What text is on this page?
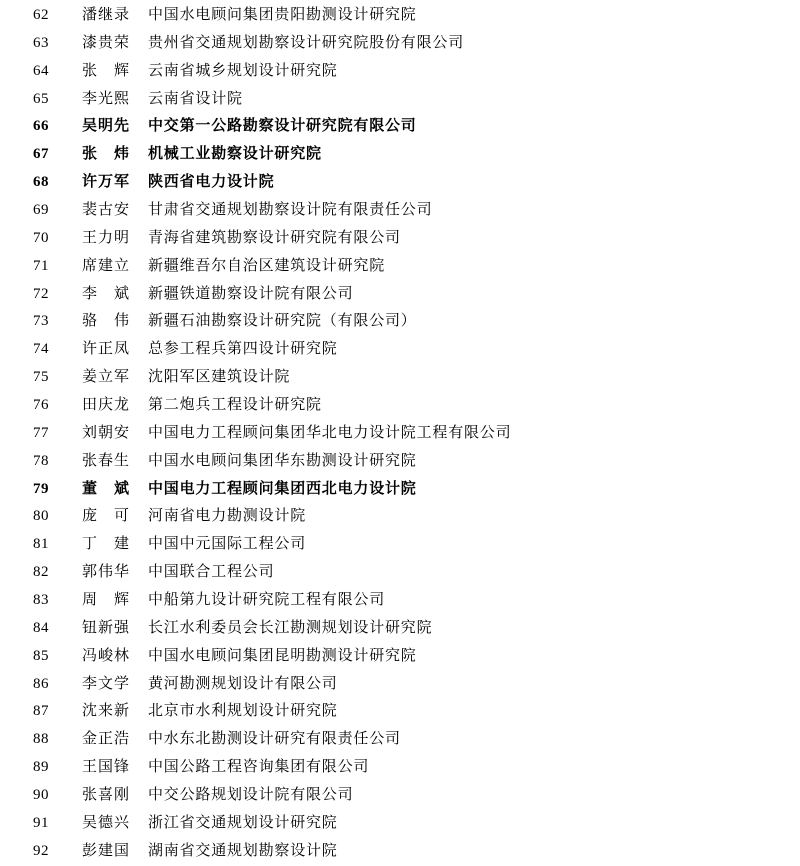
62	潘继录	中国水电顾问集团贵阳勘测设计研究院
63	漆贵荣	贵州省交通规划勘察设计研究院股份有限公司
64	张　辉	云南省城乡规划设计研究院
65	李光熙	云南省设计院
66	吴明先	中交第一公路勘察设计研究院有限公司
67	张　炜	机械工业勘察设计研究院
68	许万军	陕西省电力设计院
69	裴古安	甘肃省交通规划勘察设计院有限责任公司
70	王力明	青海省建筑勘察设计研究院有限公司
71	席建立	新疆维吾尔自治区建筑设计研究院
72	李　斌	新疆铁道勘察设计院有限公司
73	骆　伟	新疆石油勘察设计研究院（有限公司）
74	许正凤	总参工程兵第四设计研究院
75	姜立军	沈阳军区建筑设计院
76	田庆龙	第二炮兵工程设计研究院
77	刘朝安	中国电力工程顾问集团华北电力设计院工程有限公司
78	张春生	中国水电顾问集团华东勘测设计研究院
79	董　斌	中国电力工程顾问集团西北电力设计院
80	庞　可	河南省电力勘测设计院
81	丁　建	中国中元国际工程公司
82	郭伟华	中国联合工程公司
83	周　辉	中船第九设计研究院工程有限公司
84	钮新强	长江水利委员会长江勘测规划设计研究院
85	冯峻林	中国水电顾问集团昆明勘测设计研究院
86	李文学	黄河勘测规划设计有限公司
87	沈来新	北京市水利规划设计研究院
88	金正浩	中水东北勘测设计研究有限责任公司
89	王国锋	中国公路工程咨询集团有限公司
90	张喜刚	中交公路规划设计院有限公司
91	吴德兴	浙江省交通规划设计研究院
92	彭建国	湖南省交通规划勘察设计院
